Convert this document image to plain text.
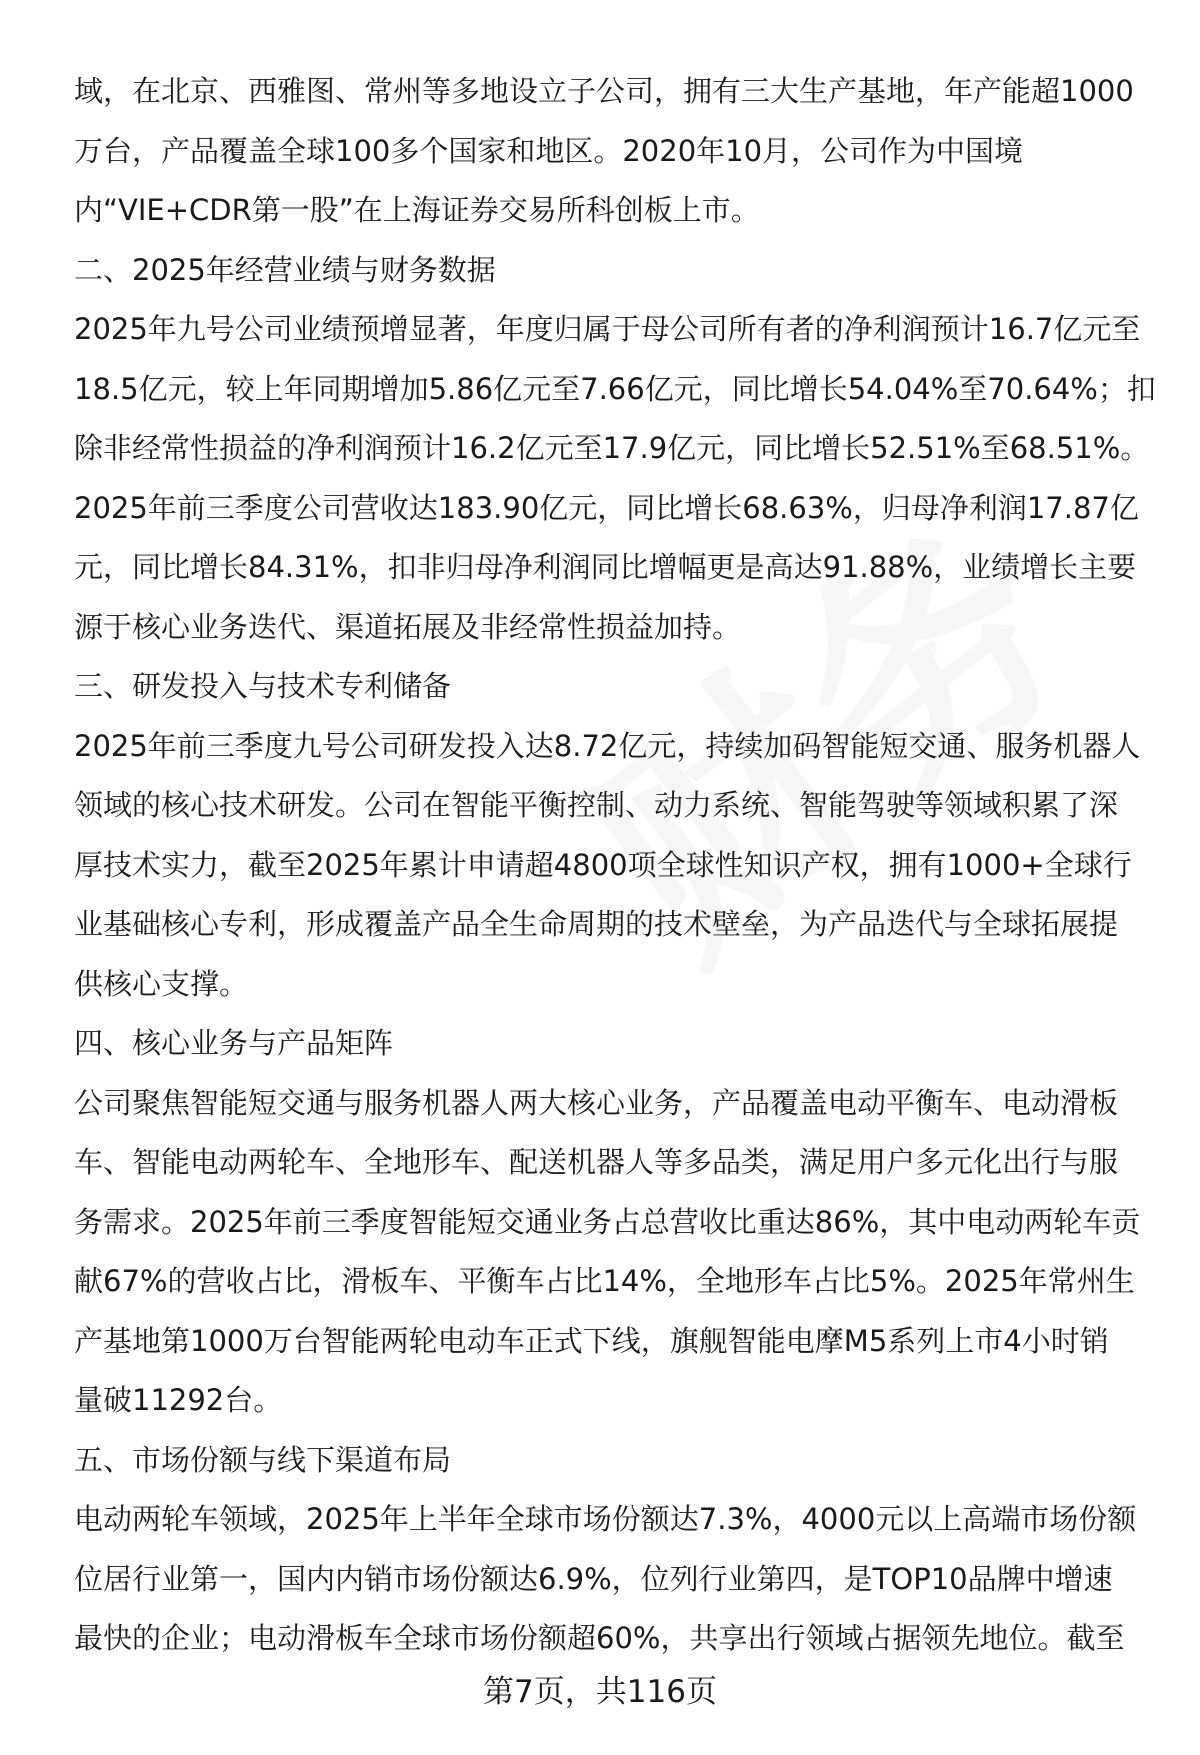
域，在北京、西雅图、常州等多地设立子公司，拥有三大生产基地，年产能超1000
万台，产品覆盖全球100多个国家和地区。2020年10月，公司作为中国境
内“VIE+CDR第一股”在上海证券交易所科创板上市。
二、2025年经营业绩与财务数据
2025年九号公司业绩预增显著，年度归属于母公司所有者的净利润预计16.7亿元至
18.5亿元，较上年同期增加5.86亿元至7.66亿元，同比增长54.04%至70.64%；扣
除非经常性损益的净利润预计16.2亿元至17.9亿元，同比增长52.51%至68.51%。
2025年前三季度公司营收达183.90亿元，同比增长68.63%，归母净利润17.87亿
元，同比增长84.31%，扣非归母净利润同比增幅更是高达91.88%，业绩增长主要
源于核心业务迭代、渠道拓展及非经常性损益加持。
三、研发投入与技术专利储备
2025年前三季度九号公司研发投入达8.72亿元，持续加码智能短交通、服务机器人
领域的核心技术研发。公司在智能平衡控制、动力系统、智能驾驶等领域积累了深
厚技术实力，截至2025年累计申请超4800项全球性知识产权，拥有1000+全球行
业基础核心专利，形成覆盖产品全生命周期的技术壁垒，为产品迭代与全球拓展提
供核心支撑。
四、核心业务与产品矩阵
公司聚焦智能短交通与服务机器人两大核心业务，产品覆盖电动平衡车、电动滑板
车、智能电动两轮车、全地形车、配送机器人等多品类，满足用户多元化出行与服
务需求。2025年前三季度智能短交通业务占总营收比重达86%，其中电动两轮车贡
献67%的营收占比，滑板车、平衡车占比14%，全地形车占比5%。2025年常州生
产基地第1000万台智能两轮电动车正式下线，旗舰智能电摩M5系列上市4小时销
量破11292台。
五、市场份额与线下渠道布局
电动两轮车领域，2025年上半年全球市场份额达7.3%，4000元以上高端市场份额
位居行业第一，国内内销市场份额达6.9%，位列行业第四，是TOP10品牌中增速
最快的企业；电动滑板车全球市场份额超60%，共享出行领域占据领先地位。截至
第7页，共116页
